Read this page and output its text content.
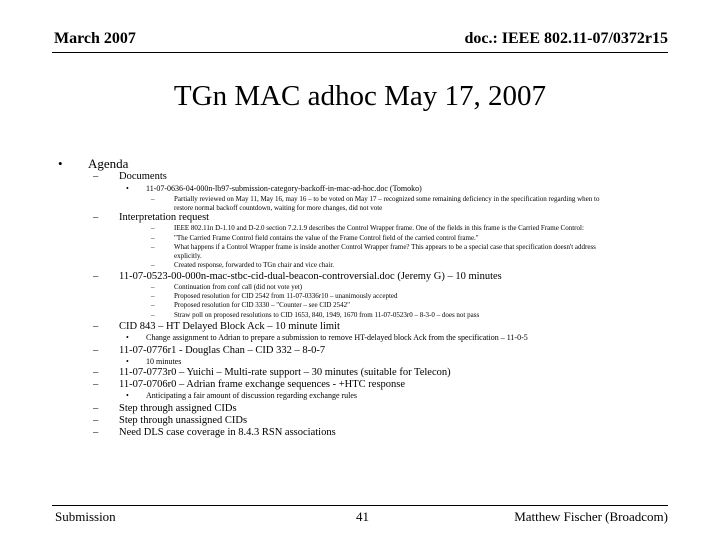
March 2007	doc.: IEEE 802.11-07/0372r15
TGn MAC adhoc May 17, 2007
• Agenda
– Documents
• 11-07-0636-04-000n-lb97-submission-category-backoff-in-mac-ad-hoc.doc (Tomoko)
–	Partially reviewed on May 11, May 16, may 16 – to be voted on May 17 – recognized some remaining deficiency in the specification regarding when to
restore normal backoff countdown, waiting for more changes, did not vote
– Interpretation request
–	IEEE 802.11n D-1.10 and D-2.0 section 7.2.1.9 describes the Control Wrapper frame. One of the fields in this frame is the Carried Frame Control:
–	"The Carried Frame Control field contains the value of the Frame Control field of the carried control frame."
–	What happens if a Control Wrapper frame is inside another Control Wrapper frame? This appears to be a special case that specification doesn't address
explicitly.
–	Created response, forwarded to TGn chair and vice chair.
– 11-07-0523-00-000n-mac-stbc-cid-dual-beacon-controversial.doc (Jeremy G) – 10 minutes
–	Continuation from conf call (did not vote yet)
–	Proposed resolution for CID 2542 from 11-07-0336r10 – unanimously accepted
–	Proposed resolution for CID 3330 – "Counter – see CID 2542"
–	Straw poll on proposed resolutions to CID 1653, 840, 1949, 1670 from 11-07-0523r0 – 8-3-0 – does not pass
– CID 843 – HT Delayed Block Ack – 10 minute limit
• Change assignment to Adrian to prepare a submission to remove HT-delayed block Ack from the specification – 11-0-5
– 11-07-0776r1 - Douglas Chan – CID 332 – 8-0-7
• 10 minutes
– 11-07-0773r0 – Yuichi – Multi-rate support – 30 minutes (suitable for Telecon)
– 11-07-0706r0 – Adrian frame exchange sequences - +HTC response
• Anticipating a fair amount of discussion regarding exchange rules
– Step through assigned CIDs
– Step through unassigned CIDs
– Need DLS case coverage in 8.4.3 RSN associations
Submission	41	Matthew Fischer (Broadcom)
